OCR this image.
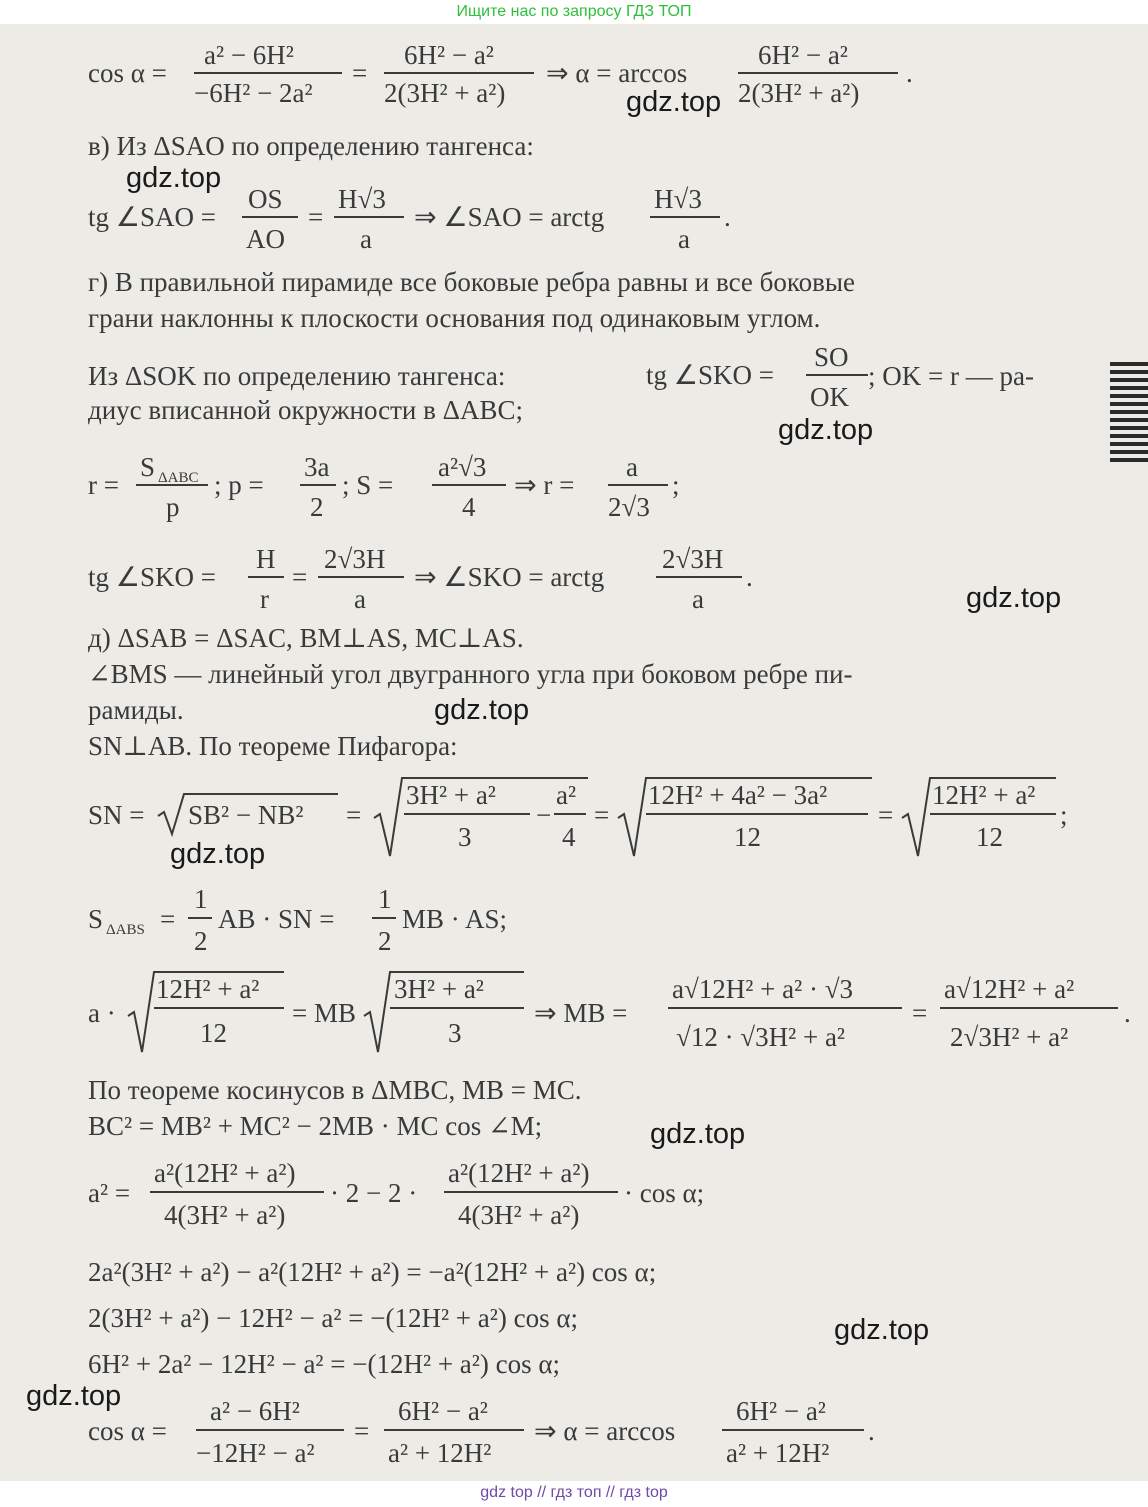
Ищите нас по запросу ГДЗ ТОП
cos α =
a² − 6H²
−6H² − 2a²
=
6H² − a²
2(3H² + a²)
⇒ α = arccos
6H² − a²
2(3H² + a²)
.
в) Из ΔSAO по определению тангенса:
tg ∠SAO =
OS
AO
=
H√3
a
⇒ ∠SAO = arctg
H√3
a
.
г) В правильной пирамиде все боковые ребра равны и все боковые
грани наклонны к плоскости основания под одинаковым углом.
Из ΔSOK по определению тангенса:	tg ∠SKO =
SO
OK
; OK = r — ра-
диус вписанной окружности в ΔABC;
r =
S ΔABC
p
; p =
3a
2
; S =
a²√3
4
⇒ r =
a
2√3
;
tg ∠SKO =
H
r
=
2√3H
a
⇒ ∠SKO = arctg
2√3H
a
.
д) ΔSAB = ΔSAC, BM⊥AS, MC⊥AS.
∠BMS — линейный угол двугранного угла при боковом ребре пи-
рамиды.
SN⊥AB. По теореме Пифагора:
SN = SB² − NB² =
3H² + a²
3
−
a²
4
=
12H² + 4a² − 3a²
12
=
12H² + a²
12
;
S ΔABS =
1
2
AB · SN =
1
2
MB · AS;
a ·
12H² + a²
12
= MB
3H² + a²
3
⇒ MB =
a√12H² + a² · √3
√12 · √3H² + a²
=
a√12H² + a²
2√3H² + a²
.
По теореме косинусов в ΔMBC, MB = MC.
BC² = MB² + MC² − 2MB · MC cos ∠M;
a² =
a²(12H² + a²)
4(3H² + a²)
· 2 − 2 ·
a²(12H² + a²)
4(3H² + a²)
· cos α;
2a²(3H² + a²) − a²(12H² + a²) = −a²(12H² + a²) cos α;
2(3H² + a²) − 12H² − a² = −(12H² + a²) cos α;
6H² + 2a² − 12H² − a² = −(12H² + a²) cos α;
cos α =
a² − 6H²
−12H² − a²
=
6H² − a²
a² + 12H²
⇒ α = arccos
6H² − a²
a² + 12H²
.
gdz.top
gdz.top
gdz.top
gdz.top
gdz.top
gdz.top
gdz.top
gdz.top
gdz.top
gdz top // гдз топ // гдз top
